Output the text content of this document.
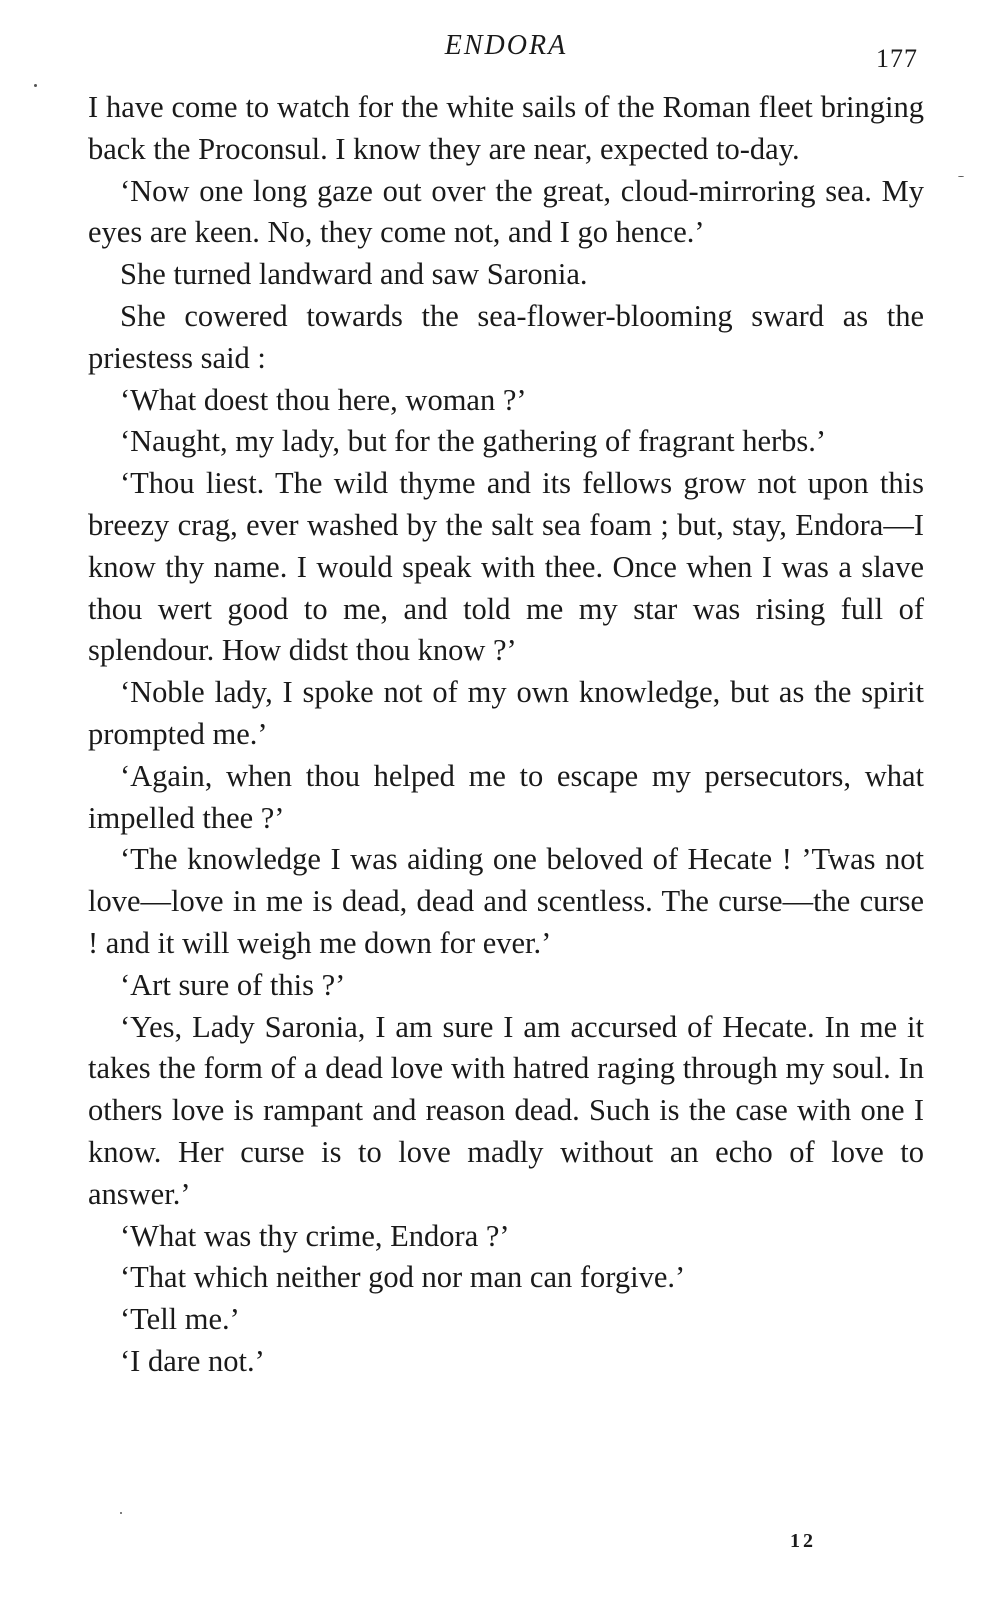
ENDORA	177

I have come to watch for the white sails of the Roman fleet bringing back the Proconsul. I know they are near, expected to-day.

‘Now one long gaze out over the great, cloud-mirroring sea. My eyes are keen. No, they come not, and I go hence.’

She turned landward and saw Saronia.

She cowered towards the sea-flower-blooming sward as the priestess said :

‘What doest thou here, woman ?’

‘Naught, my lady, but for the gathering of fragrant herbs.’

‘Thou liest. The wild thyme and its fellows grow not upon this breezy crag, ever washed by the salt sea foam ; but, stay, Endora—I know thy name. I would speak with thee. Once when I was a slave thou wert good to me, and told me my star was rising full of splendour. How didst thou know ?’

‘Noble lady, I spoke not of my own knowledge, but as the spirit prompted me.’

‘Again, when thou helped me to escape my persecutors, what impelled thee ?’

‘The knowledge I was aiding one beloved of Hecate ! ’Twas not love—love in me is dead, dead and scentless. The curse—the curse ! and it will weigh me down for ever.’

‘Art sure of this ?’

‘Yes, Lady Saronia, I am sure I am accursed of Hecate. In me it takes the form of a dead love with hatred raging through my soul. In others love is rampant and reason dead. Such is the case with one I know. Her curse is to love madly without an echo of love to answer.’

‘What was thy crime, Endora ?’

‘That which neither god nor man can forgive.’

‘Tell me.’

‘I dare not.’

12
